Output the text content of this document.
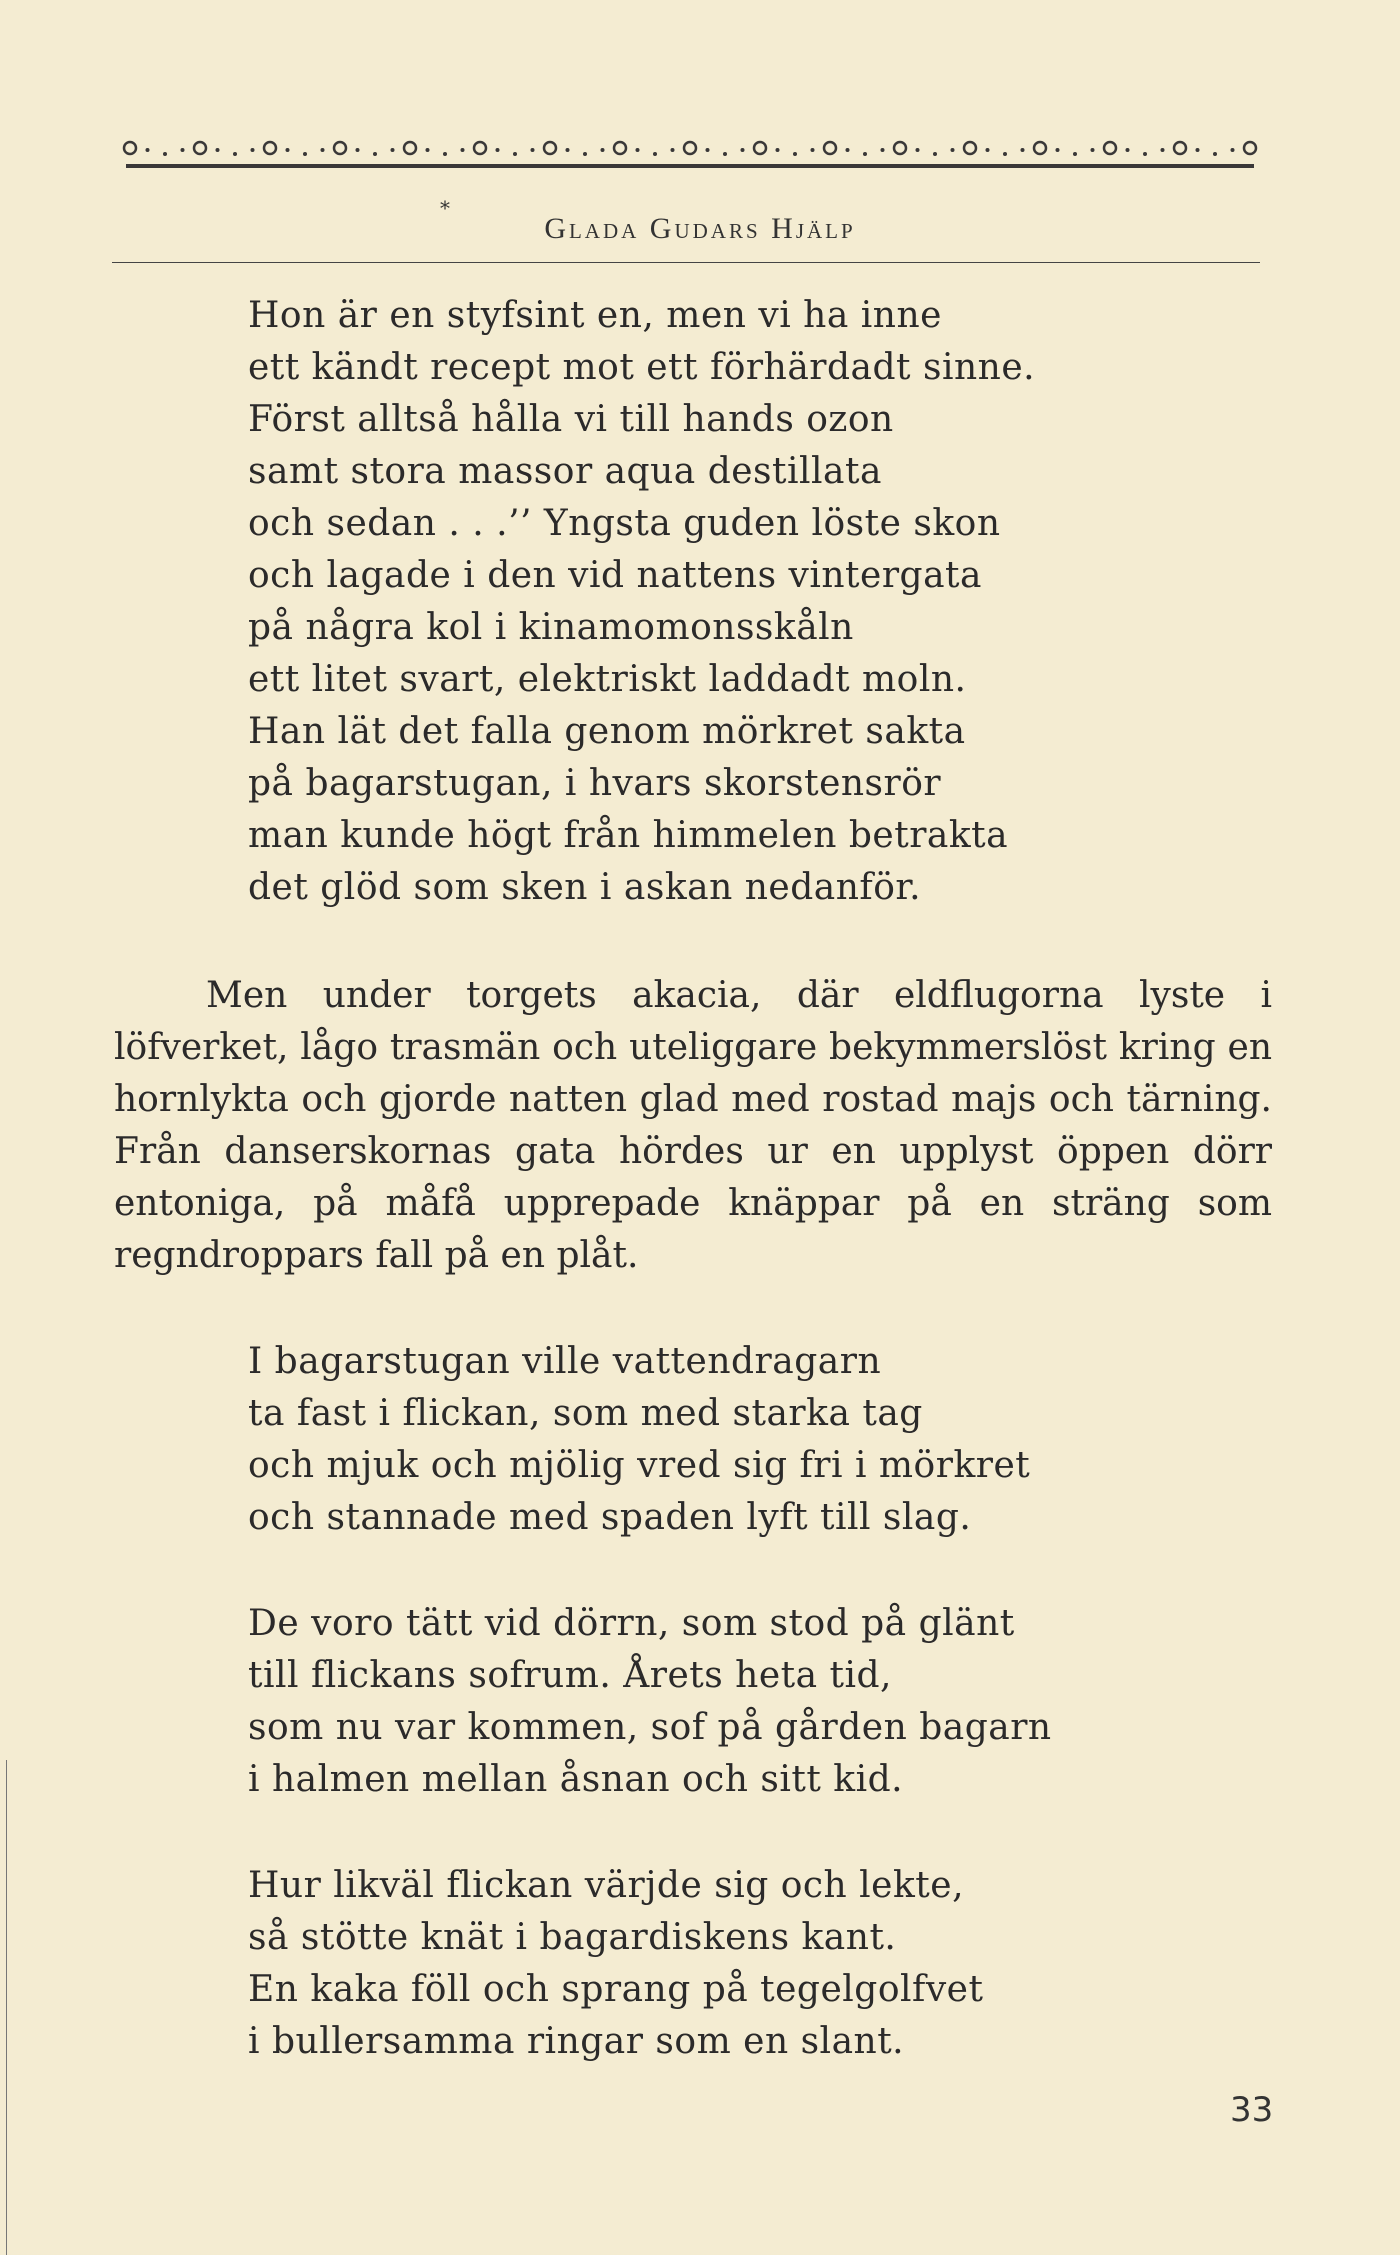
*
Glada Gudars Hjälp
Hon är en styfsint en, men vi ha inne
ett kändt recept mot ett förhärdadt sinne.
Först alltså hålla vi till hands ozon
samt stora massor aqua destillata
och sedan . . .’’ Yngsta guden löste skon
och lagade i den vid nattens vintergata
på några kol i kinamomonsskåln
ett litet svart, elektriskt laddadt moln.
Han lät det falla genom mörkret sakta
på bagarstugan, i hvars skorstensrör
man kunde högt från himmelen betrakta
det glöd som sken i askan nedanför.

Men under torgets akacia, där eldflugorna lyste i löfverket, lågo trasmän och uteliggare bekymmerslöst kring en hornlykta och gjorde natten glad med rostad majs och tärning. Från danserskornas gata hördes ur en upplyst öppen dörr entoniga, på måfå upprepade knäppar på en sträng som regndroppars fall på en plåt.

I bagarstugan ville vattendragarn
ta fast i flickan, som med starka tag
och mjuk och mjölig vred sig fri i mörkret
och stannade med spaden lyft till slag.
De voro tätt vid dörrn, som stod på glänt
till flickans sofrum. Årets heta tid,
som nu var kommen, sof på gården bagarn
i halmen mellan åsnan och sitt kid.
Hur likväl flickan värjde sig och lekte,
så stötte knät i bagardiskens kant.
En kaka föll och sprang på tegelgolfvet
i bullersamma ringar som en slant.
33
